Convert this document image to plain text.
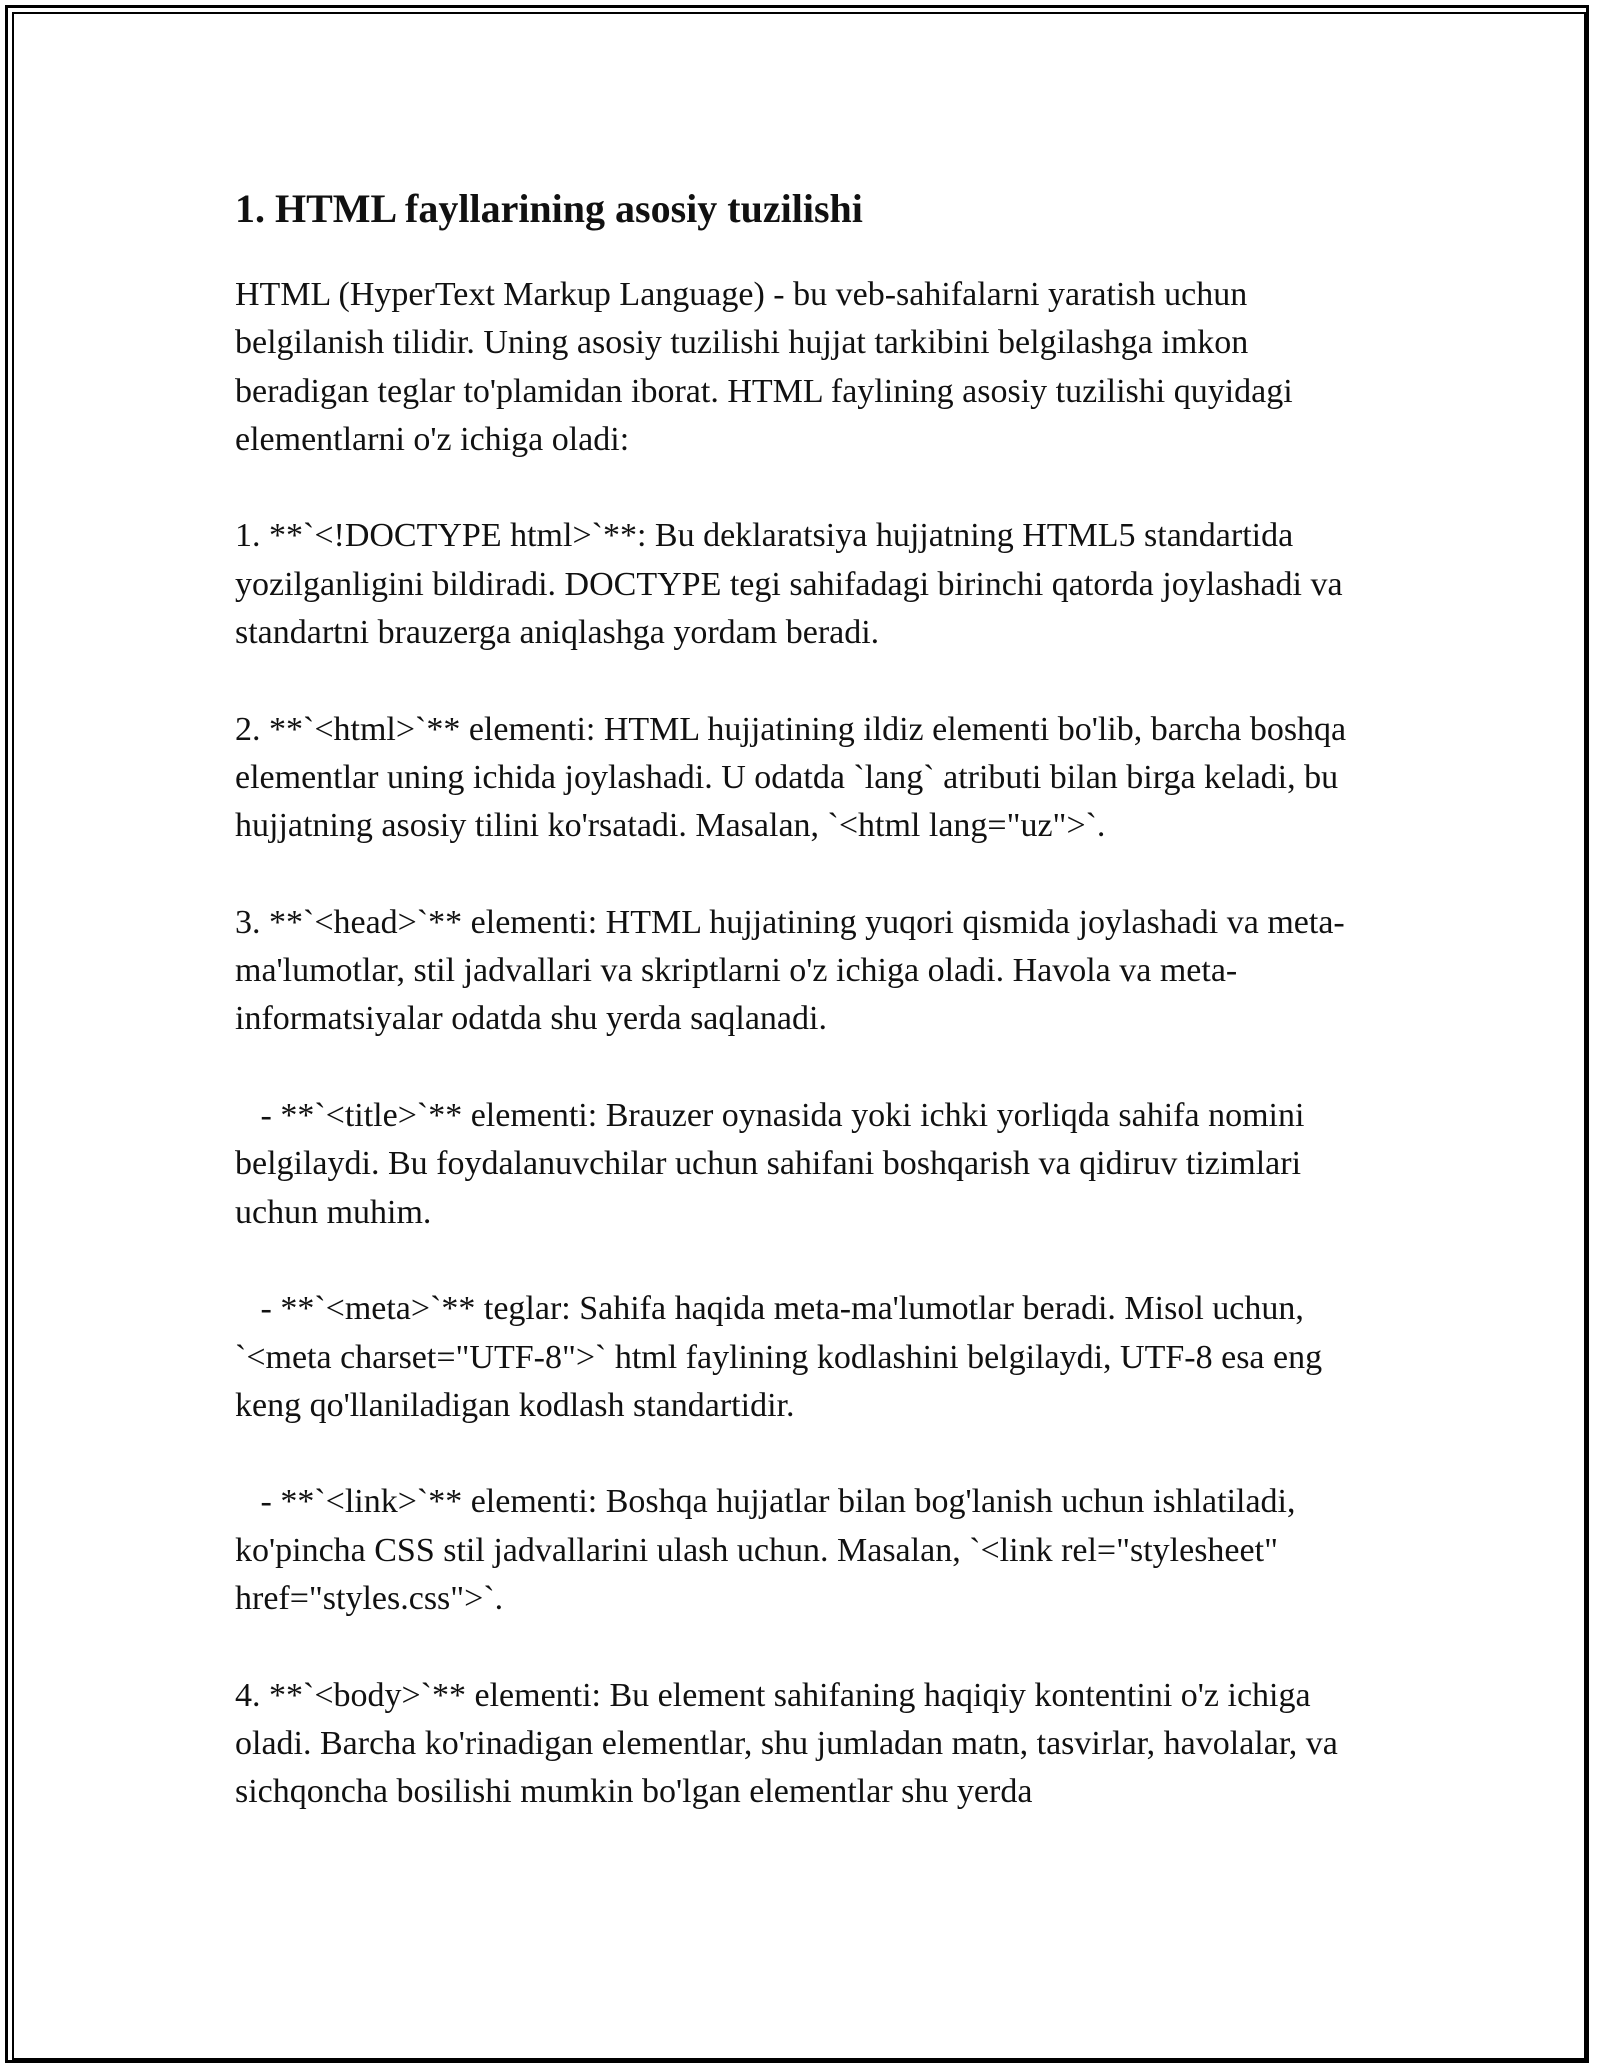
1. HTML fayllarining asosiy tuzilishi

HTML (HyperText Markup Language) - bu veb-sahifalarni yaratish uchun belgilanish tilidir. Uning asosiy tuzilishi hujjat tarkibini belgilashga imkon beradigan teglar to'plamidan iborat. HTML faylining asosiy tuzilishi quyidagi elementlarni o'z ichiga oladi:

1. **`<!DOCTYPE html>`**: Bu deklaratsiya hujjatning HTML5 standartida yozilganligini bildiradi. DOCTYPE tegi sahifadagi birinchi qatorda joylashadi va standartni brauzerga aniqlashga yordam beradi.

2. **`<html>`** elementi: HTML hujjatining ildiz elementi bo'lib, barcha boshqa elementlar uning ichida joylashadi. U odatda `lang` atributi bilan birga keladi, bu hujjatning asosiy tilini ko'rsatadi. Masalan, `<html lang="uz">`.

3. **`<head>`** elementi: HTML hujjatining yuqori qismida joylashadi va meta-ma'lumotlar, stil jadvallari va skriptlarni o'z ichiga oladi. Havola va meta-informatsiyalar odatda shu yerda saqlanadi.

- **`<title>`** elementi: Brauzer oynasida yoki ichki yorliqda sahifa nomini belgilaydi. Bu foydalanuvchilar uchun sahifani boshqarish va qidiruv tizimlari uchun muhim.

- **`<meta>`** teglar: Sahifa haqida meta-ma'lumotlar beradi. Misol uchun, `<meta charset="UTF-8">` html faylining kodlashini belgilaydi, UTF-8 esa eng keng qo'llaniladigan kodlash standartidir.

- **`<link>`** elementi: Boshqa hujjatlar bilan bog'lanish uchun ishlatiladi, ko'pincha CSS stil jadvallarini ulash uchun. Masalan, `<link rel="stylesheet" href="styles.css">`.

4. **`<body>`** elementi: Bu element sahifaning haqiqiy kontentini o'z ichiga oladi. Barcha ko'rinadigan elementlar, shu jumladan matn, tasvirlar, havolalar, va sichqoncha bosilishi mumkin bo'lgan elementlar shu yerda
